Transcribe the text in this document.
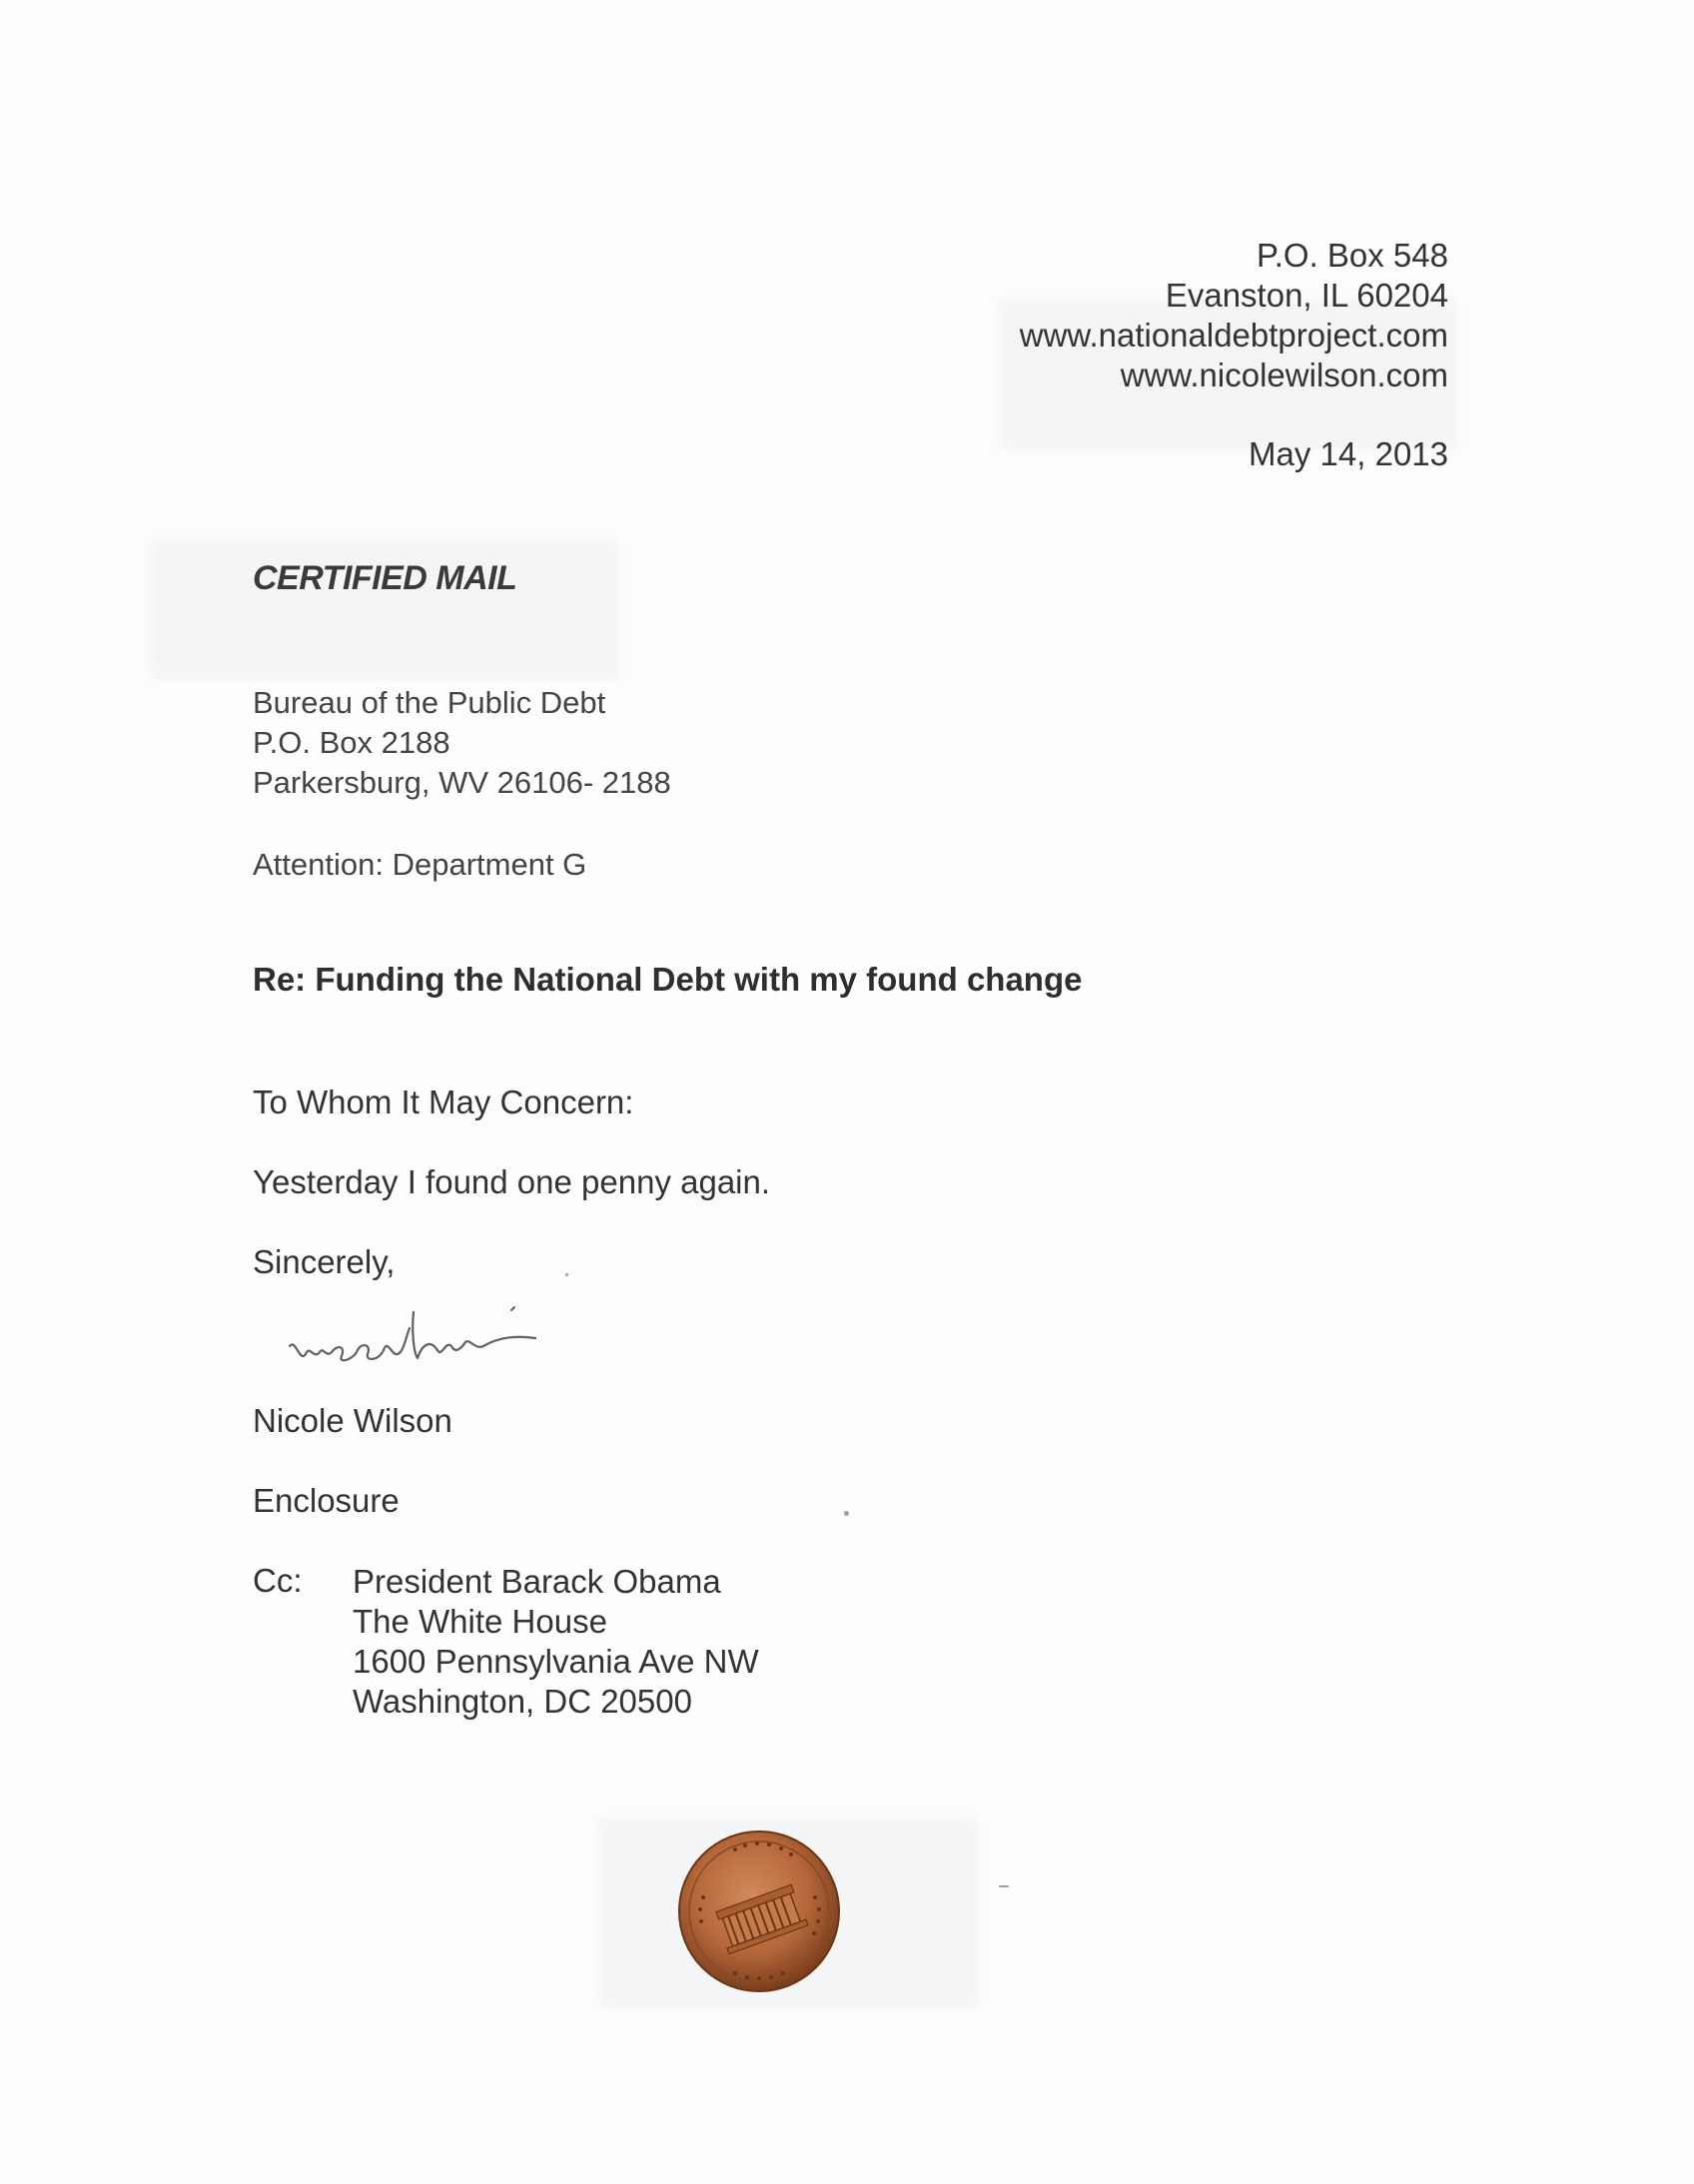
P.O. Box 548
Evanston, IL 60204
www.nationaldebtproject.com
www.nicolewilson.com
May 14, 2013
CERTIFIED MAIL
Bureau of the Public Debt
P.O. Box 2188
Parkersburg, WV 26106- 2188
Attention: Department G
Re: Funding the National Debt with my found change
To Whom It May Concern:
Yesterday I found one penny again.
Sincerely,
Nicole Wilson
Enclosure
Cc: President Barack Obama
The White House
1600 Pennsylvania Ave NW
Washington, DC 20500
